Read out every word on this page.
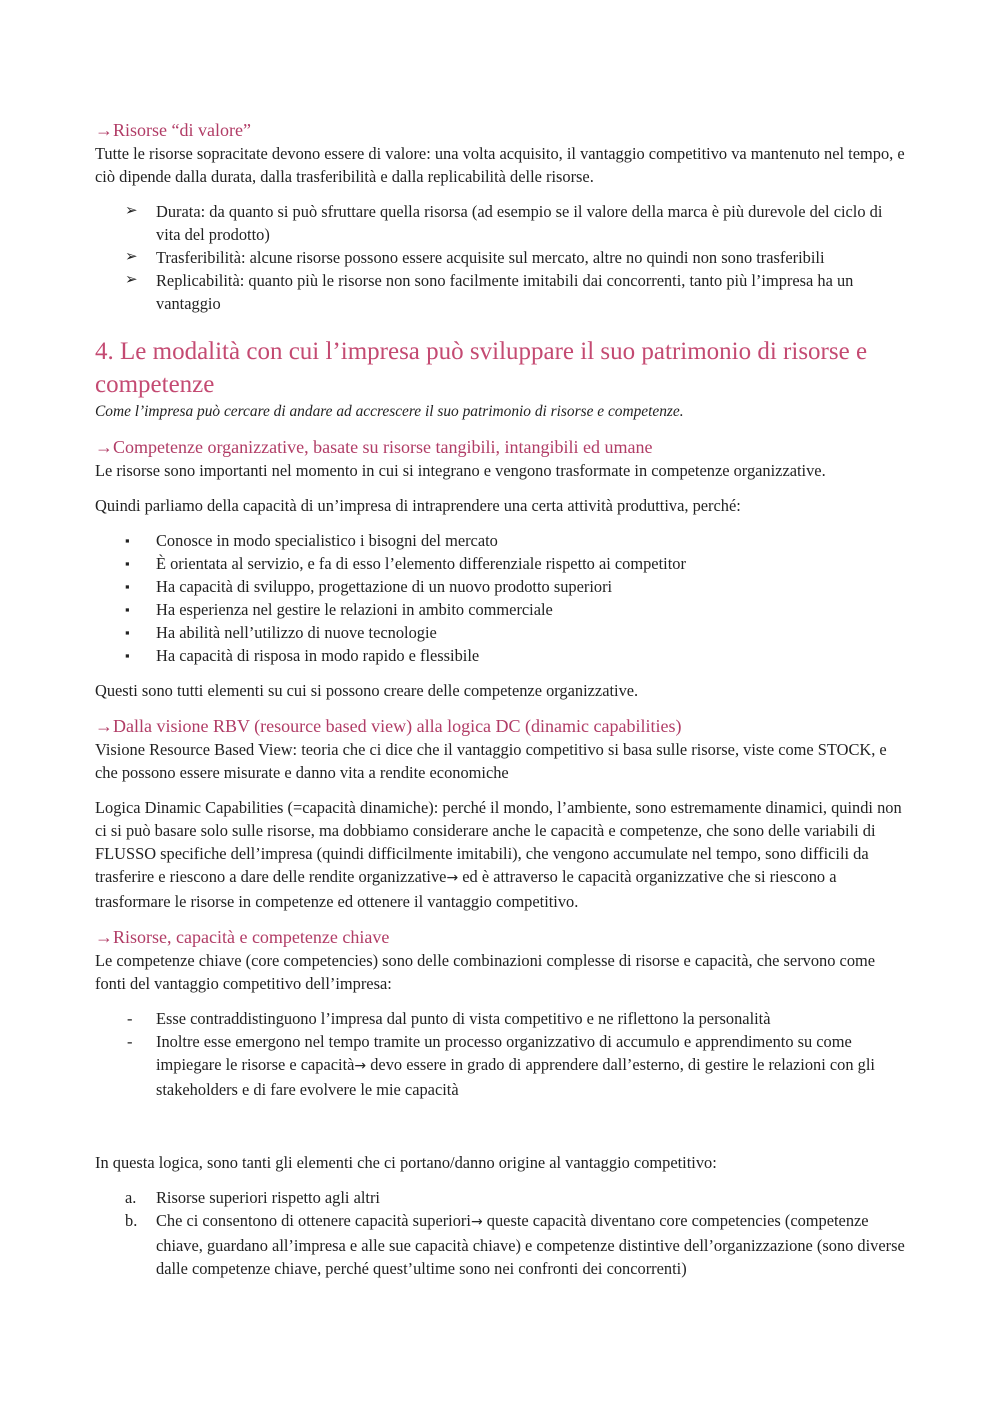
→Risorse “di valore”

Tutte le risorse sopracitate devono essere di valore: una volta acquisito, il vantaggio competitivo va mantenuto nel tempo, e ciò dipende dalla durata, dalla trasferibilità e dalla replicabilità delle risorse.

➢	Durata: da quanto si può sfruttare quella risorsa (ad esempio se il valore della marca è più durevole del ciclo di vita del prodotto)
➢	Trasferibilità: alcune risorse possono essere acquisite sul mercato, altre no quindi non sono trasferibili
➢	Replicabilità: quanto più le risorse non sono facilmente imitabili dai concorrenti, tanto più l’impresa ha un vantaggio
4. Le modalità con cui l’impresa può sviluppare il suo patrimonio di risorse e competenze

Come l’impresa può cercare di andare ad accrescere il suo patrimonio di risorse e competenze.

→Competenze organizzative, basate su risorse tangibili, intangibili ed umane

Le risorse sono importanti nel momento in cui si integrano e vengono trasformate in competenze organizzative.

Quindi parliamo della capacità di un’impresa di intraprendere una certa attività produttiva, perché:

▪	Conosce in modo specialistico i bisogni del mercato
▪	È orientata al servizio, e fa di esso l’elemento differenziale rispetto ai competitor
▪	Ha capacità di sviluppo, progettazione di un nuovo prodotto superiori
▪	Ha esperienza nel gestire le relazioni in ambito commerciale
▪	Ha abilità nell’utilizzo di nuove tecnologie
▪	Ha capacità di risposa in modo rapido e flessibile

Questi sono tutti elementi su cui si possono creare delle competenze organizzative.

→Dalla visione RBV (resource based view) alla logica DC (dinamic capabilities)

Visione Resource Based View: teoria che ci dice che il vantaggio competitivo si basa sulle risorse, viste come STOCK, e che possono essere misurate e danno vita a rendite economiche

Logica Dinamic Capabilities (=capacità dinamiche): perché il mondo, l’ambiente, sono estremamente dinamici, quindi non ci si può basare solo sulle risorse, ma dobbiamo considerare anche le capacità e competenze, che sono delle variabili di FLUSSO specifiche dell’impresa (quindi difficilmente imitabili), che vengono accumulate nel tempo, sono difficili da trasferire e riescono a dare delle rendite organizzative→ ed è attraverso le capacità organizzative che si riescono a trasformare le risorse in competenze ed ottenere il vantaggio competitivo.

→Risorse, capacità e competenze chiave

Le competenze chiave (core competencies) sono delle combinazioni complesse di risorse e capacità, che servono come fonti del vantaggio competitivo dell’impresa:

-	Esse contraddistinguono l’impresa dal punto di vista competitivo e ne riflettono la personalità
-	Inoltre esse emergono nel tempo tramite un processo organizzativo di accumulo e apprendimento su come impiegare le risorse e capacità→ devo essere in grado di apprendere dall’esterno, di gestire le relazioni con gli stakeholders e di fare evolvere le mie capacità

In questa logica, sono tanti gli elementi che ci portano/danno origine al vantaggio competitivo:

a.	Risorse superiori rispetto agli altri
b.	Che ci consentono di ottenere capacità superiori→ queste capacità diventano core competencies (competenze chiave, guardano all’impresa e alle sue capacità chiave) e competenze distintive dell’organizzazione (sono diverse dalle competenze chiave, perché quest’ultime sono nei confronti dei concorrenti)
